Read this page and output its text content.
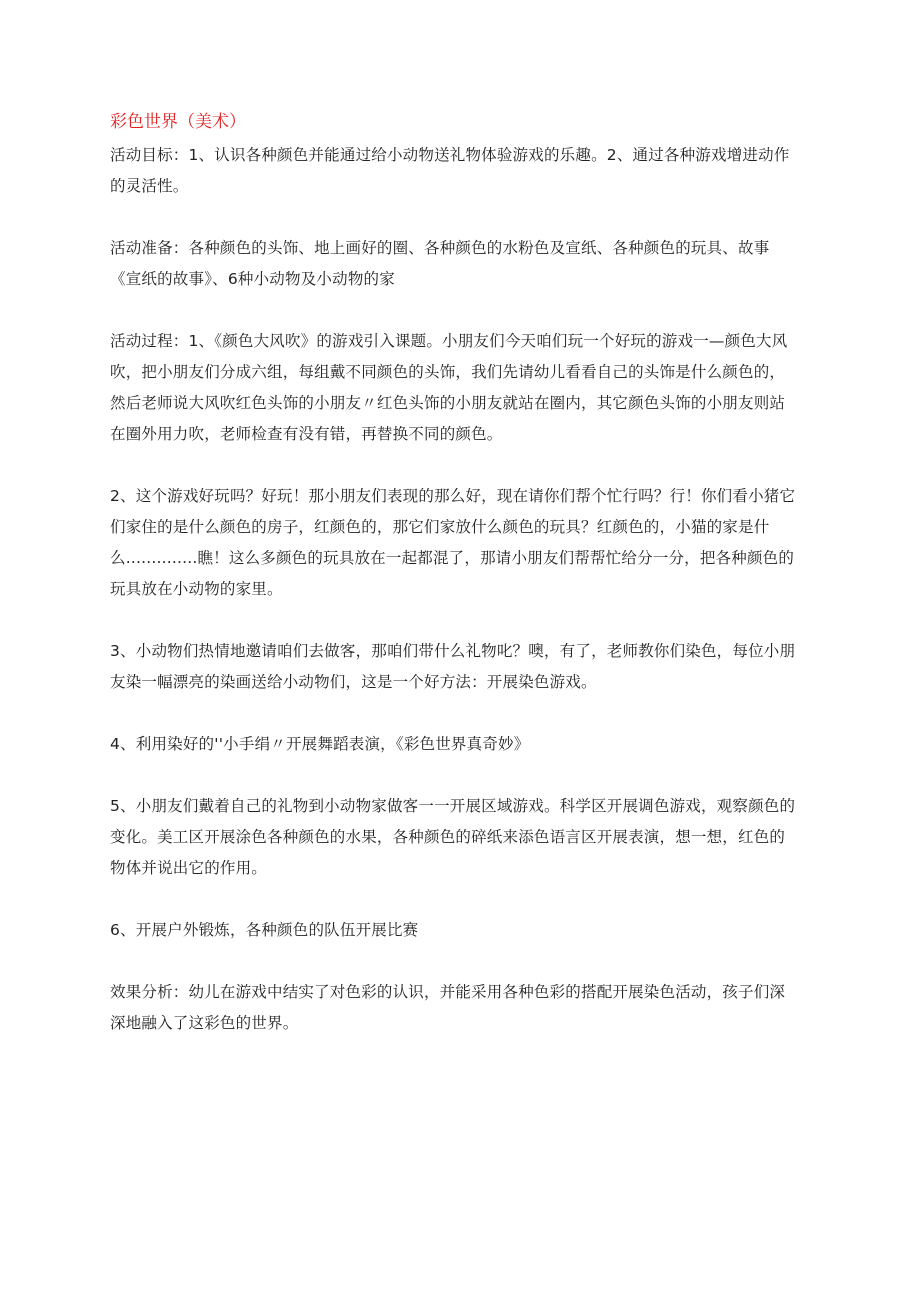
彩色世界（美术）

活动目标：1、认识各种颜色并能通过给小动物送礼物体验游戏的乐趣。2、通过各种游戏增进动作的灵活性。

活动准备：各种颜色的头饰、地上画好的圈、各种颜色的水粉色及宣纸、各种颜色的玩具、故事《宣纸的故事》、6种小动物及小动物的家

活动过程：1、《颜色大风吹》的游戏引入课题。小朋友们今天咱们玩一个好玩的游戏一—颜色大风吹，把小朋友们分成六组，每组戴不同颜色的头饰，我们先请幼儿看看自己的头饰是什么颜色的，然后老师说大风吹红色头饰的小朋友〃红色头饰的小朋友就站在圈内，其它颜色头饰的小朋友则站在圈外用力吹，老师检查有没有错，再替换不同的颜色。

2、这个游戏好玩吗？好玩！那小朋友们表现的那么好，现在请你们帮个忙行吗？行！你们看小猪它们家住的是什么颜色的房子，红颜色的，那它们家放什么颜色的玩具？红颜色的，小猫的家是什么..............瞧！这么多颜色的玩具放在一起都混了，那请小朋友们帮帮忙给分一分，把各种颜色的玩具放在小动物的家里。

3、小动物们热情地邀请咱们去做客，那咱们带什么礼物叱？噢，有了，老师教你们染色，每位小朋友染一幅漂亮的染画送给小动物们，这是一个好方法：开展染色游戏。

4、利用染好的''小手绢〃开展舞蹈表演，《彩色世界真奇妙》

5、小朋友们戴着自己的礼物到小动物家做客一一开展区域游戏。科学区开展调色游戏，观察颜色的变化。美工区开展涂色各种颜色的水果，各种颜色的碎纸来添色语言区开展表演，想一想，红色的物体并说出它的作用。

6、开展户外锻炼，各种颜色的队伍开展比赛

效果分析：幼儿在游戏中结实了对色彩的认识，并能采用各种色彩的搭配开展染色活动，孩子们深深地融入了这彩色的世界。
